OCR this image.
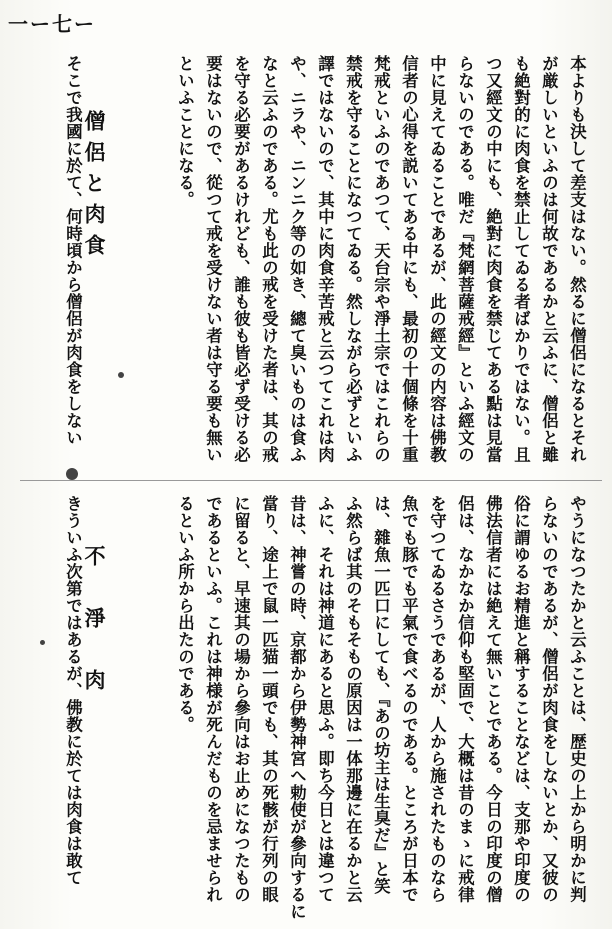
一ー七ー
本よりも決して差支はない。然るに僧侶になるとそれ
が厳しいといふのは何故であるかと云ふに、僧侶と雖
も絶對的に肉食を禁止してゐる者ばかりではない。且
つ又經文の中にも、絶對に肉食を禁じてある點は見當
らないのである。唯だ『梵網菩薩戒經』といふ經文の
中に見えてゐることであるが、此の經文の内容は佛教
信者の心得を説いてある中にも、最初の十個條を十重
梵戒といふのであつて、天台宗や淨土宗ではこれらの
禁戒を守ることになつてゐる。然しながら必ずといふ
譯ではないので、其中に肉食辛苦戒と云つてこれは肉
や、ニラや、ニンニク等の如き、總て臭いものは食ふ
なと云ふのである。尤も此の戒を受けた者は、其の戒
を守る必要があるけれども、誰も彼も皆必ず受ける必
要はないので、從つて戒を受けない者は守る要も無い
といふことになる。
僧侶と肉食
そこで我國に於て、何時頃から僧侶が肉食をしない
やうになつたかと云ふことは、歴史の上から明かに判
らないのであるが、僧侶が肉食をしないとか、又彼の
俗に謂ゆるお精進と稱することなどは、支那や印度の
佛法信者には絶えて無いことである。今日の印度の僧
侶は、なかなか信仰も堅固で、大概は昔のまゝに戒律
を守つてゐるさうであるが、人から施されたものなら
魚でも豚でも平氣で食べるのである。ところが日本で
は、雜魚一匹口にしても、『あの坊主は生臭だ』と笑
ふ然らば其のそもそもの原因は一体那邊に在るかと云
ふに、それは神道にあると思ふ。即ち今日とは違つて
昔は、神嘗の時、京都から伊勢神宮へ勅使が參向するに
當り、途上で鼠一匹猫一頭でも、其の死骸が行列の眼
に留ると、早速其の場から參向はお止めになつたもの
であるといふ。これは神様が死んだものを忌ませられ
るといふ所から出たのである。
不　淨　肉
きういふ次第ではあるが、佛教に於ては肉食は敢て
